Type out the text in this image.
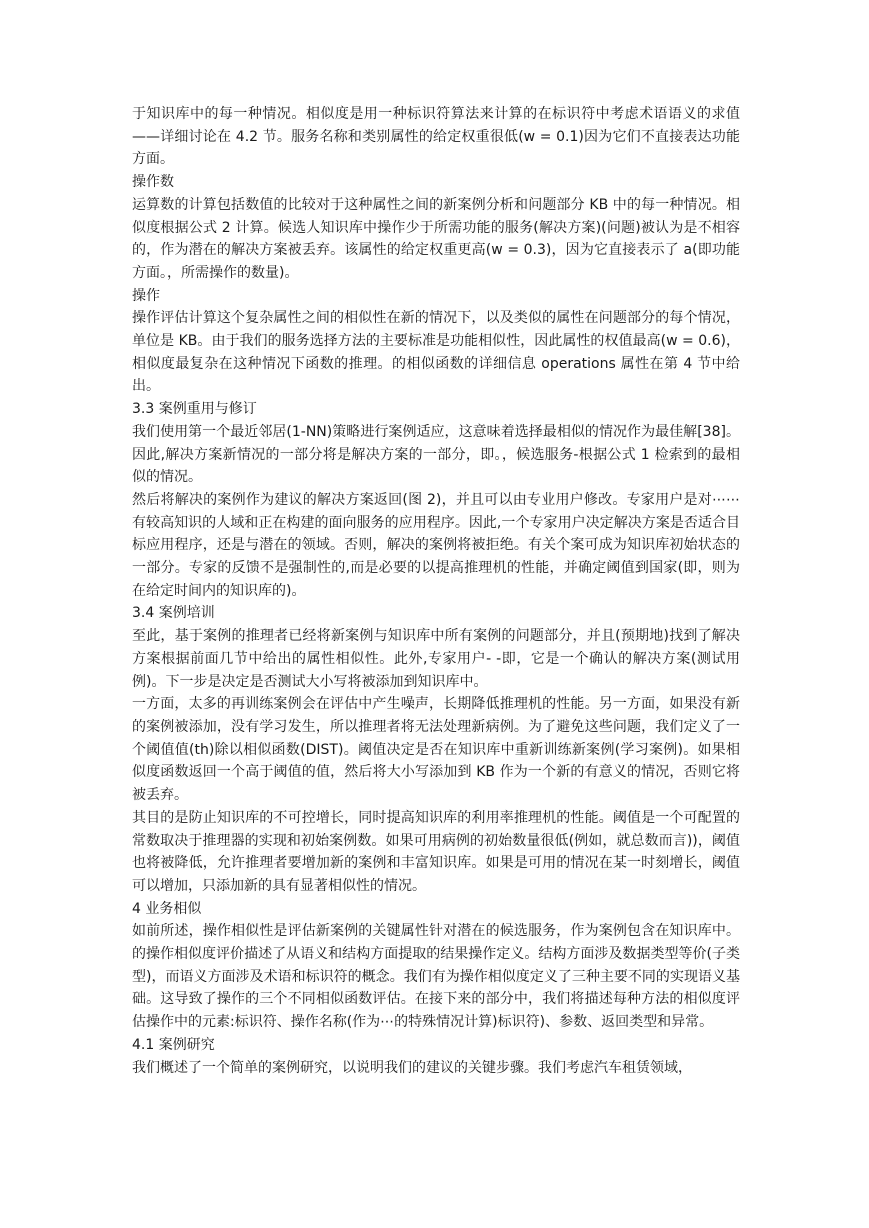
于知识库中的每一种情况。相似度是用一种标识符算法来计算的在标识符中考虑术语语义的求值——详细讨论在 4.2 节。服务名称和类别属性的给定权重很低(w = 0.1)因为它们不直接表达功能方面。

操作数

运算数的计算包括数值的比较对于这种属性之间的新案例分析和问题部分 KB 中的每一种情况。相似度根据公式 2 计算。候选人知识库中操作少于所需功能的服务(解决方案)(问题)被认为是不相容的，作为潜在的解决方案被丢弃。该属性的给定权重更高(w = 0.3)，因为它直接表示了 a(即功能方面。，所需操作的数量)。

操作

操作评估计算这个复杂属性之间的相似性在新的情况下，以及类似的属性在问题部分的每个情况，单位是 KB。由于我们的服务选择方法的主要标准是功能相似性，因此属性的权值最高(w = 0.6)，相似度最复杂在这种情况下函数的推理。的相似函数的详细信息 operations 属性在第 4 节中给出。

3.3 案例重用与修订

我们使用第一个最近邻居(1-NN)策略进行案例适应，这意味着选择最相似的情况作为最佳解[38]。因此,解决方案新情况的一部分将是解决方案的一部分，即。，候选服务-根据公式 1 检索到的最相似的情况。

然后将解决的案例作为建议的解决方案返回(图 2)，并且可以由专业用户修改。专家用户是对⋯⋯有较高知识的人域和正在构建的面向服务的应用程序。因此,一个专家用户决定解决方案是否适合目标应用程序，还是与潜在的领域。否则，解决的案例将被拒绝。有关个案可成为知识库初始状态的一部分。专家的反馈不是强制性的,而是必要的以提高推理机的性能，并确定阈值到国家(即，则为在给定时间内的知识库的)。

3.4 案例培训

至此，基于案例的推理者已经将新案例与知识库中所有案例的问题部分，并且(预期地)找到了解决方案根据前面几节中给出的属性相似性。此外,专家用户- -即，它是一个确认的解决方案(测试用例)。下一步是决定是否测试大小写将被添加到知识库中。

一方面，太多的再训练案例会在评估中产生噪声，长期降低推理机的性能。另一方面，如果没有新的案例被添加，没有学习发生，所以推理者将无法处理新病例。为了避免这些问题，我们定义了一个阈值值(th)除以相似函数(DIST)。阈值决定是否在知识库中重新训练新案例(学习案例)。如果相似度函数返回一个高于阈值的值，然后将大小写添加到 KB 作为一个新的有意义的情况，否则它将被丢弃。

其目的是防止知识库的不可控增长，同时提高知识库的利用率推理机的性能。阈值是一个可配置的常数取决于推理器的实现和初始案例数。如果可用病例的初始数量很低(例如，就总数而言))，阈值也将被降低，允许推理者要增加新的案例和丰富知识库。如果是可用的情况在某一时刻增长，阈值可以增加，只添加新的具有显著相似性的情况。

4 业务相似

如前所述，操作相似性是评估新案例的关键属性针对潜在的候选服务，作为案例包含在知识库中。的操作相似度评价描述了从语义和结构方面提取的结果操作定义。结构方面涉及数据类型等价(子类型)，而语义方面涉及术语和标识符的概念。我们有为操作相似度定义了三种主要不同的实现语义基础。这导致了操作的三个不同相似函数评估。在接下来的部分中，我们将描述每种方法的相似度评估操作中的元素:标识符、操作名称(作为⋯的特殊情况计算)标识符)、参数、返回类型和异常。

4.1 案例研究

我们概述了一个简单的案例研究，以说明我们的建议的关键步骤。我们考虑汽车租赁领域，
